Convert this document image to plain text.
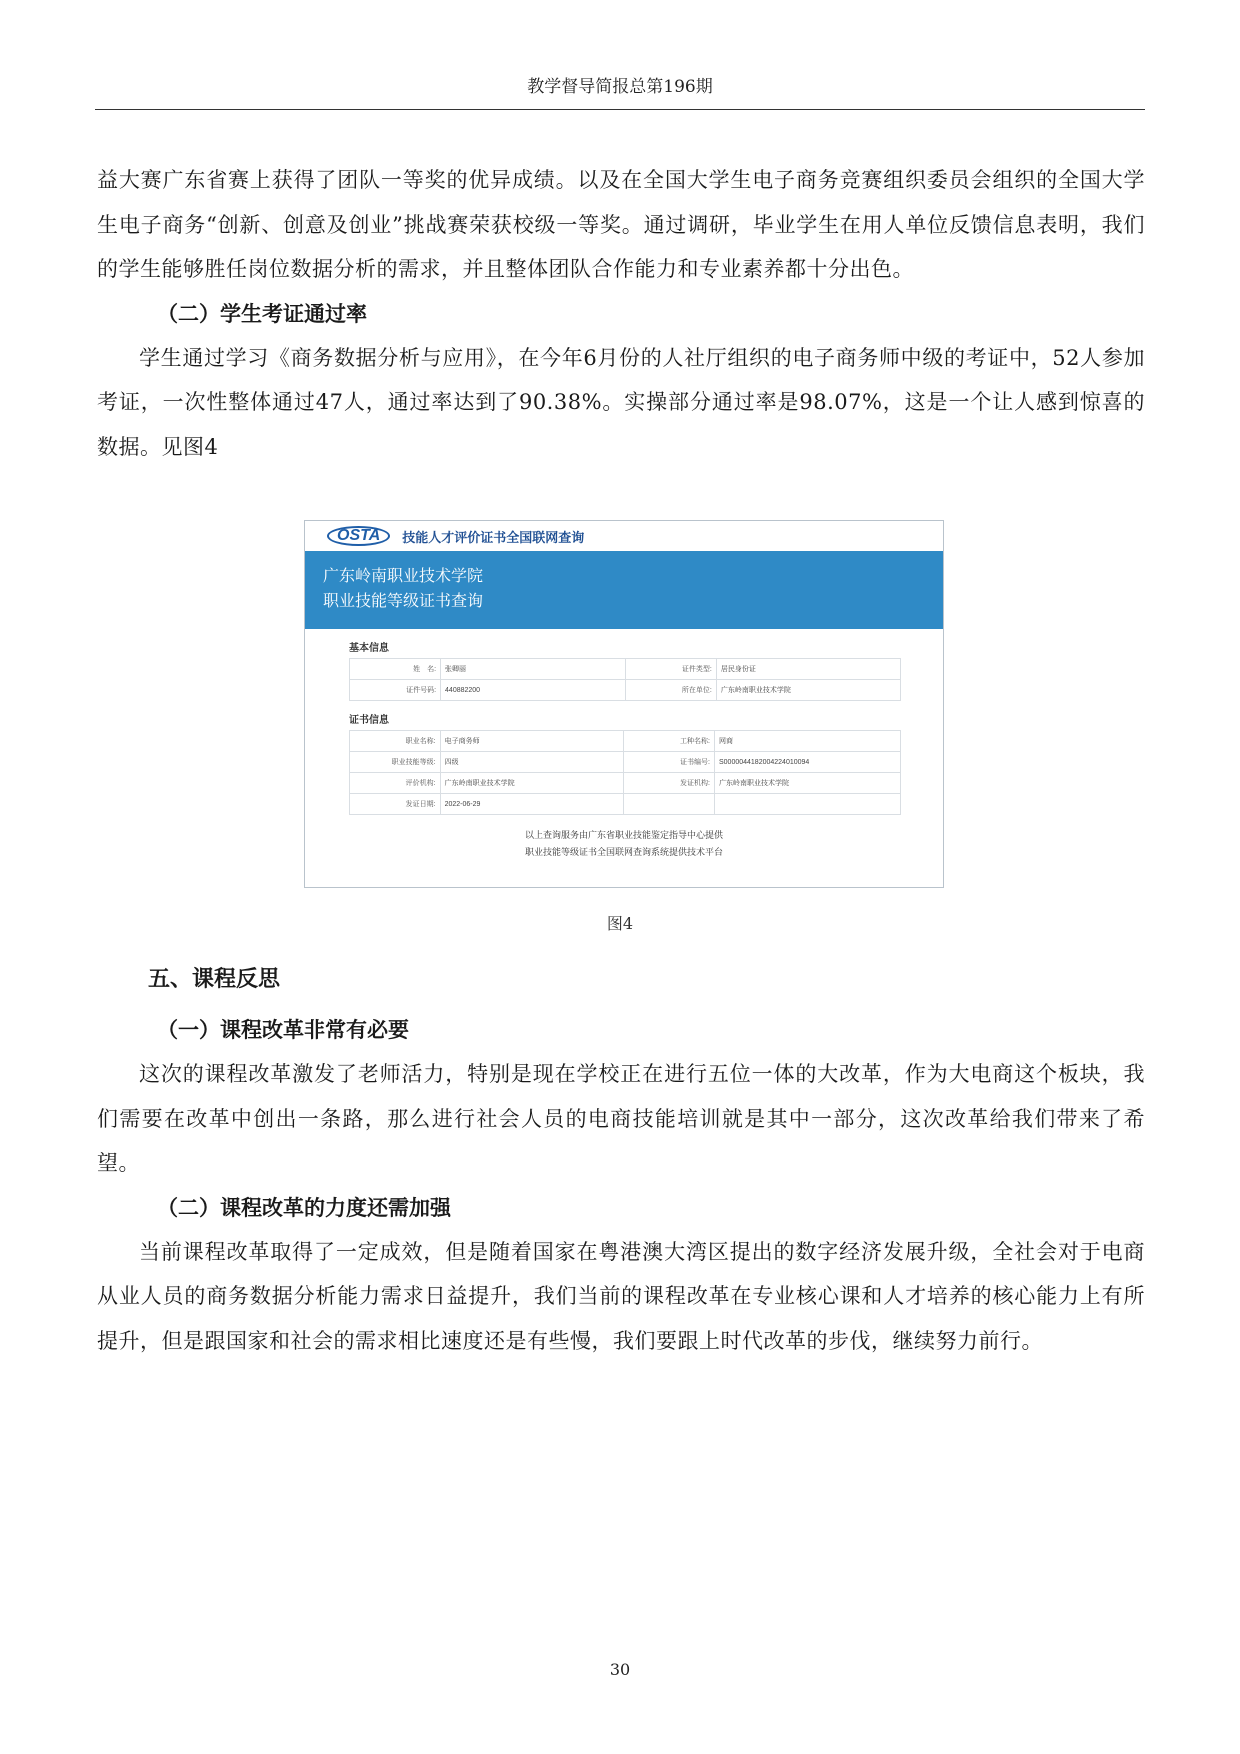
教学督导简报总第196期

益大赛广东省赛上获得了团队一等奖的优异成绩。以及在全国大学生电子商务竞赛组织委员会组织的全国大学生电子商务“创新、创意及创业”挑战赛荣获校级一等奖。通过调研，毕业学生在用人单位反馈信息表明，我们的学生能够胜任岗位数据分析的需求，并且整体团队合作能力和专业素养都十分出色。

（二）学生考证通过率

学生通过学习《商务数据分析与应用》，在今年6月份的人社厅组织的电子商务师中级的考证中，52人参加考证，一次性整体通过47人，通过率达到了90.38%。实操部分通过率是98.07%，这是一个让人感到惊喜的数据。见图4

OSTA	技能人才评价证书全国联网查询
广东岭南职业技术学院
职业技能等级证书查询
基本信息
姓　名:	张卿丽	证件类型:	居民身份证
证件号码:	440882200	所在单位:	广东岭南职业技术学院
证书信息
职业名称:	电子商务师	工种名称:	网商
职业技能等级:	四级	证书编号:	S000004418200422401009​4
评价机构:	广东岭南职业技术学院	发证机构:	广东岭南职业技术学院
发证日期:	2022-06-29		
以上查询服务由广东省职业技能鉴定指导中心提供
职业技能等级证书全国联网查询系统提供技术平台
图4
五、课程反思
（一）课程改革非常有必要

这次的课程改革激发了老师活力，特别是现在学校正在进行五位一体的大改革，作为大电商这个板块，我们需要在改革中创出一条路，那么进行社会人员的电商技能培训就是其中一部分，这次改革给我们带来了希望。

（二）课程改革的力度还需加强

当前课程改革取得了一定成效，但是随着国家在粤港澳大湾区提出的数字经济发展升级，全社会对于电商从业人员的商务数据分析能力需求日益提升，我们当前的课程改革在专业核心课和人才培养的核心能力上有所提升，但是跟国家和社会的需求相比速度还是有些慢，我们要跟上时代改革的步伐，继续努力前行。

30
